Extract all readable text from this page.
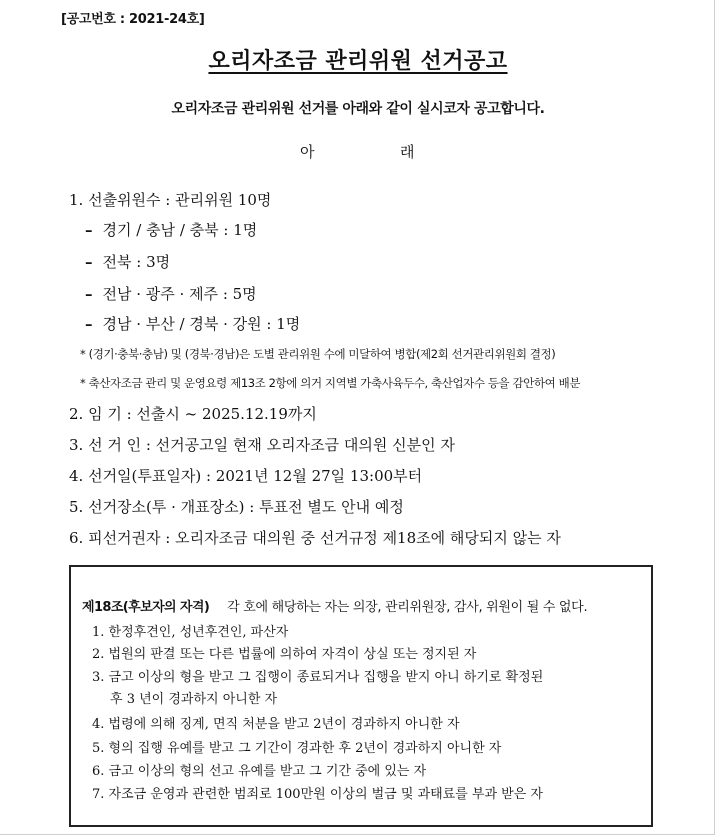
[공고번호 : 2021-24호]
오리자조금 관리위원 선거공고
오리자조금 관리위원 선거를 아래와 같이 실시코자 공고합니다.
아	래
1. 선출위원수 : 관리위원 10명
– 경기 / 충남 / 충북 : 1명
– 전북 : 3명
– 전남 · 광주 · 제주 : 5명
– 경남 · 부산 / 경북 · 강원 : 1명
* (경기·충북·충남) 및 (경북·경남)은 도별 관리위원 수에 미달하여 병합(제2회 선거관리위원회 결정)
* 축산자조금 관리 및 운영요령 제13조 2항에 의거 지역별 가축사육두수, 축산업자수 등을 감안하여 배분
2. 임 기 : 선출시 ~ 2025.12.19까지
3. 선 거 인 : 선거공고일 현재 오리자조금 대의원 신분인 자
4. 선거일(투표일자) : 2021년 12월 27일 13:00부터
5. 선거장소(투 · 개표장소) : 투표전 별도 안내 예정
6. 피선거권자 : 오리자조금 대의원 중 선거규정 제18조에 해당되지 않는 자
제18조(후보자의 자격) 각 호에 해당하는 자는 의장, 관리위원장, 감사, 위원이 될 수 없다.
1. 한정후견인, 성년후견인, 파산자
2. 법원의 판결 또는 다른 법률에 의하여 자격이 상실 또는 정지된 자
3. 금고 이상의 형을 받고 그 집행이 종료되거나 집행을 받지 아니 하기로 확정된
후 3 년이 경과하지 아니한 자
4. 법령에 의해 징계, 면직 처분을 받고 2년이 경과하지 아니한 자
5. 형의 집행 유예를 받고 그 기간이 경과한 후 2년이 경과하지 아니한 자
6. 금고 이상의 형의 선고 유예를 받고 그 기간 중에 있는 자
7. 자조금 운영과 관련한 범죄로 100만원 이상의 벌금 및 과태료를 부과 받은 자
